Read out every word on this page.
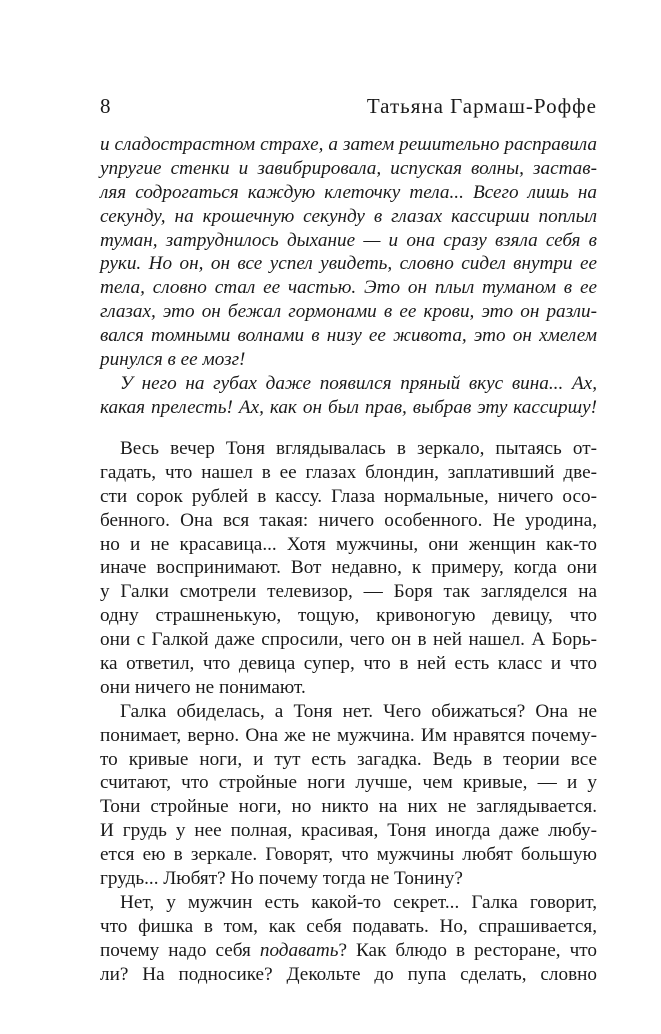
8	Татьяна Гармаш-Роффе
и сладострастном страхе, а затем решительно расправила
упругие стенки и завибрировала, испуская волны, застав-
ляя содрогаться каждую клеточку тела... Всего лишь на
секунду, на крошечную секунду в глазах кассирши поплыл
туман, затруднилось дыхание — и она сразу взяла себя в
руки. Но он, он все успел увидеть, словно сидел внутри ее
тела, словно стал ее частью. Это он плыл туманом в ее
глазах, это он бежал гормонами в ее крови, это он разли-
вался томными волнами в низу ее живота, это он хмелем
ринулся в ее мозг!
У него на губах даже появился пряный вкус вина... Ах,
какая прелесть! Ах, как он был прав, выбрав эту кассиршу!
Весь вечер Тоня вглядывалась в зеркало, пытаясь от-
гадать, что нашел в ее глазах блондин, заплативший две-
сти сорок рублей в кассу. Глаза нормальные, ничего осо-
бенного. Она вся такая: ничего особенного. Не уродина,
но и не красавица... Хотя мужчины, они женщин как-то
иначе воспринимают. Вот недавно, к примеру, когда они
у Галки смотрели телевизор, — Боря так загляделся на
одну страшненькую, тощую, кривоногую девицу, что
они с Галкой даже спросили, чего он в ней нашел. А Борь-
ка ответил, что девица супер, что в ней есть класс и что
они ничего не понимают.
Галка обиделась, а Тоня нет. Чего обижаться? Она не
понимает, верно. Она же не мужчина. Им нравятся почему-
то кривые ноги, и тут есть загадка. Ведь в теории все
считают, что стройные ноги лучше, чем кривые, — и у
Тони стройные ноги, но никто на них не заглядывается.
И грудь у нее полная, красивая, Тоня иногда даже любу-
ется ею в зеркале. Говорят, что мужчины любят большую
грудь... Любят? Но почему тогда не Тонину?
Нет, у мужчин есть какой-то секрет... Галка говорит,
что фишка в том, как себя подавать. Но, спрашивается,
почему надо себя подавать? Как блюдо в ресторане, что
ли? На подносике? Декольте до пупа сделать, словно
